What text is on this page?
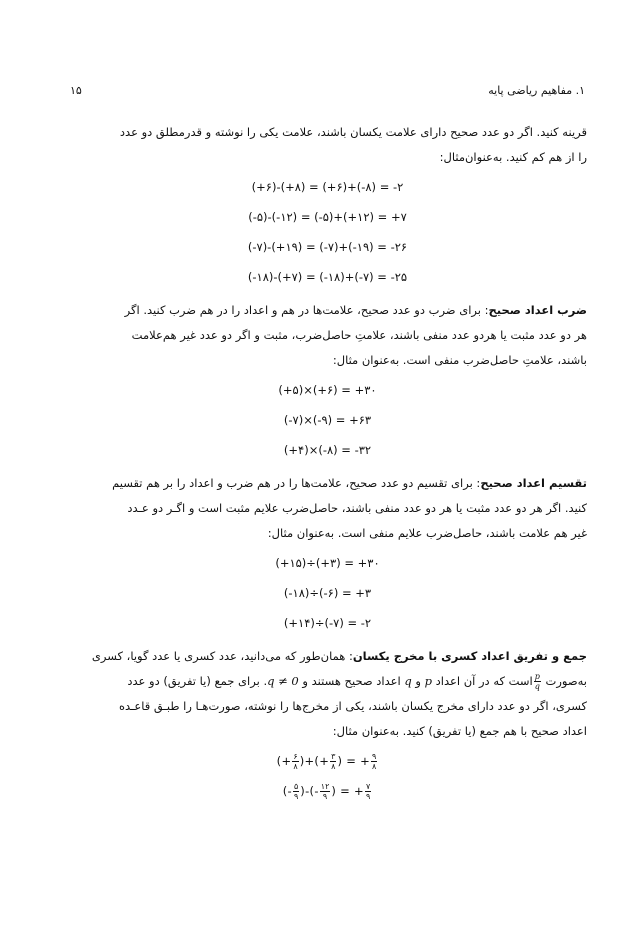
۱. مفاهیم ریاضی پایه
۱۵

قرینه کنید. اگر دو عدد صحیح دارای علامت یکسان باشند، علامت یکی را نوشته و قدرمطلق دو عدد

را از هم کم کنید. به‌عنوان‌مثال:

(+۶)-(+۸) = (+۶)+(-۸) = -۲
(-۵)-(-۱۲) = (-۵)+(+۱۲) = +۷
(-۷)-(+۱۹) = (-۷)+(-۱۹) = -۲۶
(-۱۸)-(+۷) = (-۱۸)+(-۷) = -۲۵

ضرب اعداد صحیح: برای ضرب دو عدد صحیح، علامت‌ها در هم و اعداد را در هم ضرب کنید. اگر

هر دو عدد مثبت یا هردو عدد منفی باشند، علامتِ حاصل‌ضرب، مثبت و اگر دو عدد غیر هم‌علامت

باشند، علامتِ حاصل‌ضرب منفی است. به‌عنوان مثال:

(+۵)×(+۶) = +۳۰
(-۷)×(-۹) = +۶۳
(+۴)×(-۸) = -۳۲

تقسیم اعداد صحیح: برای تقسیم دو عدد صحیح، علامت‌ها را در هم ضرب و اعداد را بر هم تقسیم

کنید. اگر هر دو عدد مثبت یا هر دو عدد منفی باشند، حاصل‌ضرب علایم مثبت است و اگـر دو عـدد

غیر هم علامت باشند، حاصل‌ضرب علایم منفی است. به‌عنوان مثال:

(+۱۵)÷(+۳) = +۳۰
(-۱۸)÷(-۶) = +۳
(+۱۴)÷(-۷) = -۲

جمع و تفریق اعداد کسری با مخرج یکسان: همان‌طور که می‌دانید، عدد کسری یا عدد گویا، کسری

به‌صورت
$\frac{p}{q}$
است که در آن اعداد p و q اعداد صحیح هستند و q ≠ 0. برای جمع (یا تفریق) دو عدد

کسری، اگر دو عدد دارای مخرج یکسان باشند، یکی از مخرج‌ها را نوشته، صورت‌هـا را طبـق قاعـده

اعداد صحیح با هم جمع (یا تفریق) کنید. به‌عنوان مثال:

(+ $\frac{۶}{۸}$ )+(+ $\frac{۳}{۸}$ ) = + $\frac{۹}{۸}$
(- $\frac{۵}{۹}$ )-(- $\frac{۱۲}{۹}$ ) = + $\frac{۷}{۹}$
